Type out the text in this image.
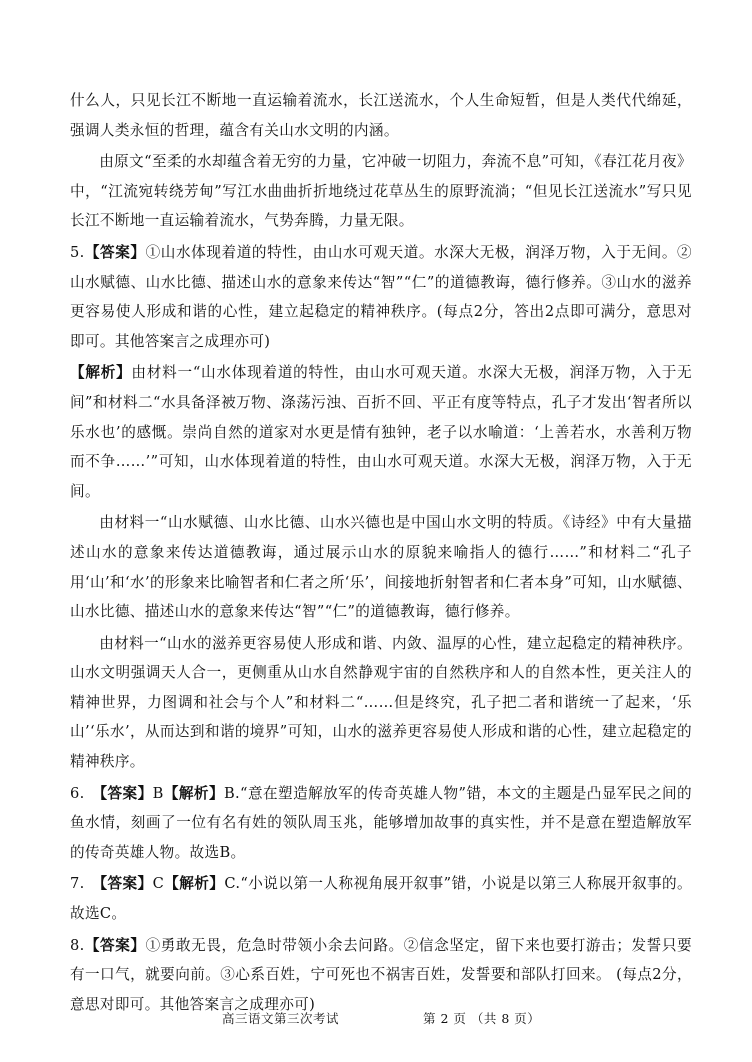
什么人，只见长江不断地一直运输着流水，长江送流水，个人生命短暂，但是人类代代绵延，强调人类永恒的哲理，蕴含有关山水文明的内涵。

由原文“至柔的水却蕴含着无穷的力量，它冲破一切阻力，奔流不息”可知，《春江花月夜》中，“江流宛转绕芳甸”写江水曲曲折折地绕过花草丛生的原野流淌；“但见长江送流水”写只见长江不断地一直运输着流水，气势奔腾，力量无限。

5.【答案】①山水体现着道的特性，由山水可观天道。水深大无极，润泽万物，入于无间。②山水赋德、山水比德、描述山水的意象来传达“智”“仁”的道德教诲，德行修养。③山水的滋养更容易使人形成和谐的心性，建立起稳定的精神秩序。(每点2分，答出2点即可满分，意思对即可。其他答案言之成理亦可)

【解析】由材料一“山水体现着道的特性，由山水可观天道。水深大无极，润泽万物，入于无间”和材料二“水具备泽被万物、涤荡污浊、百折不回、平正有度等特点，孔子才发出‘智者所以乐水也’的感慨。崇尚自然的道家对水更是情有独钟，老子以水喻道：‘上善若水，水善利万物而不争……’”可知，山水体现着道的特性，由山水可观天道。水深大无极，润泽万物，入于无间。

由材料一“山水赋德、山水比德、山水兴德也是中国山水文明的特质。《诗经》中有大量描述山水的意象来传达道德教诲，通过展示山水的原貌来喻指人的德行……”和材料二“孔子用‘山’和‘水’的形象来比喻智者和仁者之所‘乐’，间接地折射智者和仁者本身”可知，山水赋德、山水比德、描述山水的意象来传达“智”“仁”的道德教诲，德行修养。

由材料一“山水的滋养更容易使人形成和谐、内敛、温厚的心性，建立起稳定的精神秩序。山水文明强调天人合一，更侧重从山水自然静观宇宙的自然秩序和人的自然本性，更关注人的精神世界，力图调和社会与个人”和材料二“……但是终究，孔子把二者和谐统一了起来，‘乐山’‘乐水’，从而达到和谐的境界”可知，山水的滋养更容易使人形成和谐的心性，建立起稳定的精神秩序。

6.　【答案】B【解析】B.“意在塑造解放军的传奇英雄人物”错，本文的主题是凸显军民之间的鱼水情，刻画了一位有名有姓的领队周玉兆，能够增加故事的真实性，并不是意在塑造解放军的传奇英雄人物。故选B。

7.　【答案】C【解析】C.“小说以第一人称视角展开叙事”错，小说是以第三人称展开叙事的。故选C。

8.【答案】①勇敢无畏，危急时带领小余去问路。②信念坚定，留下来也要打游击；发誓只要有一口气，就要向前。③心系百姓，宁可死也不祸害百姓，发誓要和部队打回来。 (每点2分，意思对即可。其他答案言之成理亦可)

高三语文第三次考试	第 2 页 （共 8 页）
